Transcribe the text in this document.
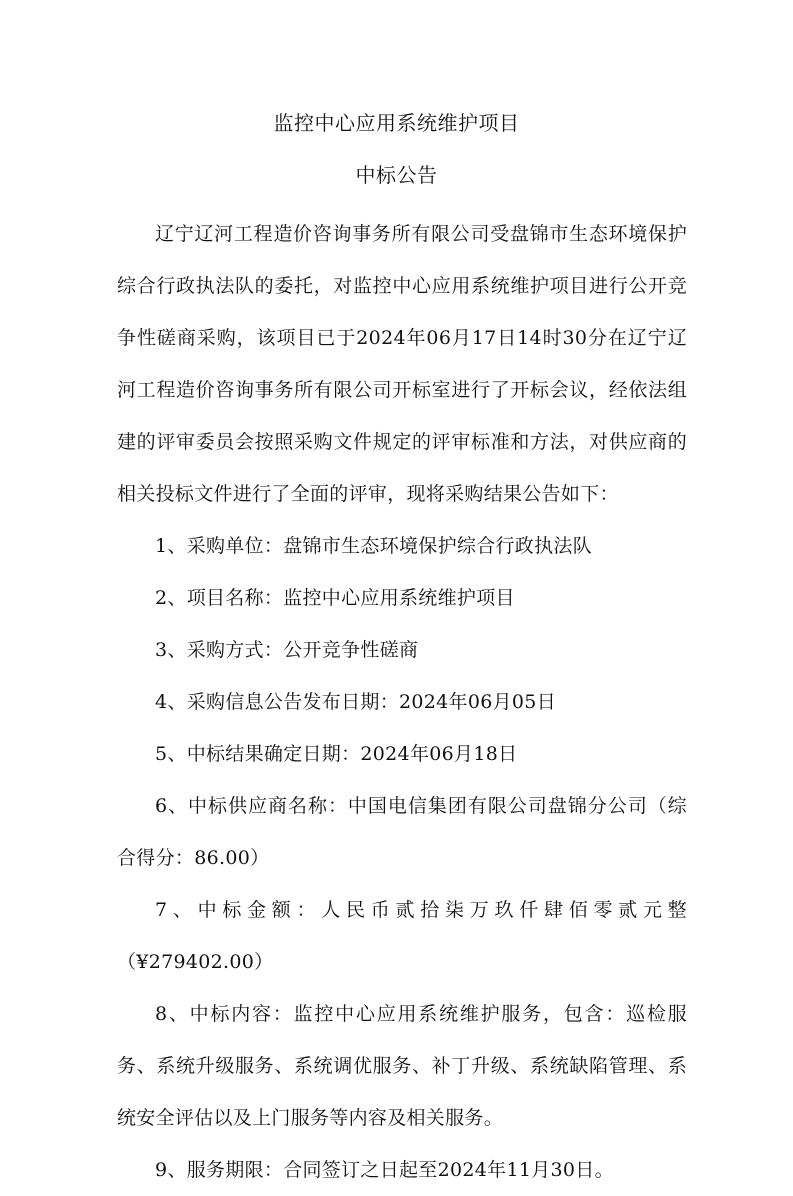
监控中心应用系统维护项目
中标公告

辽宁辽河工程造价咨询事务所有限公司受盘锦市生态环境保护综合行政执法队的委托，对监控中心应用系统维护项目进行公开竞争性磋商采购，该项目已于2024年06月17日14时30分在辽宁辽河工程造价咨询事务所有限公司开标室进行了开标会议，经依法组建的评审委员会按照采购文件规定的评审标准和方法，对供应商的相关投标文件进行了全面的评审，现将采购结果公告如下：

1、采购单位：盘锦市生态环境保护综合行政执法队

2、项目名称：监控中心应用系统维护项目

3、采购方式：公开竞争性磋商

4、采购信息公告发布日期：2024年06月05日

5、中标结果确定日期：2024年06月18日

6、中标供应商名称：中国电信集团有限公司盘锦分公司（综合得分：86.00）

7、中标金额：人民币贰拾柒万玖仟肆佰零贰元整（¥279402.00）

8、中标内容：监控中心应用系统维护服务，包含：巡检服务、系统升级服务、系统调优服务、补丁升级、系统缺陷管理、系统安全评估以及上门服务等内容及相关服务。

9、服务期限：合同签订之日起至2024年11月30日。
